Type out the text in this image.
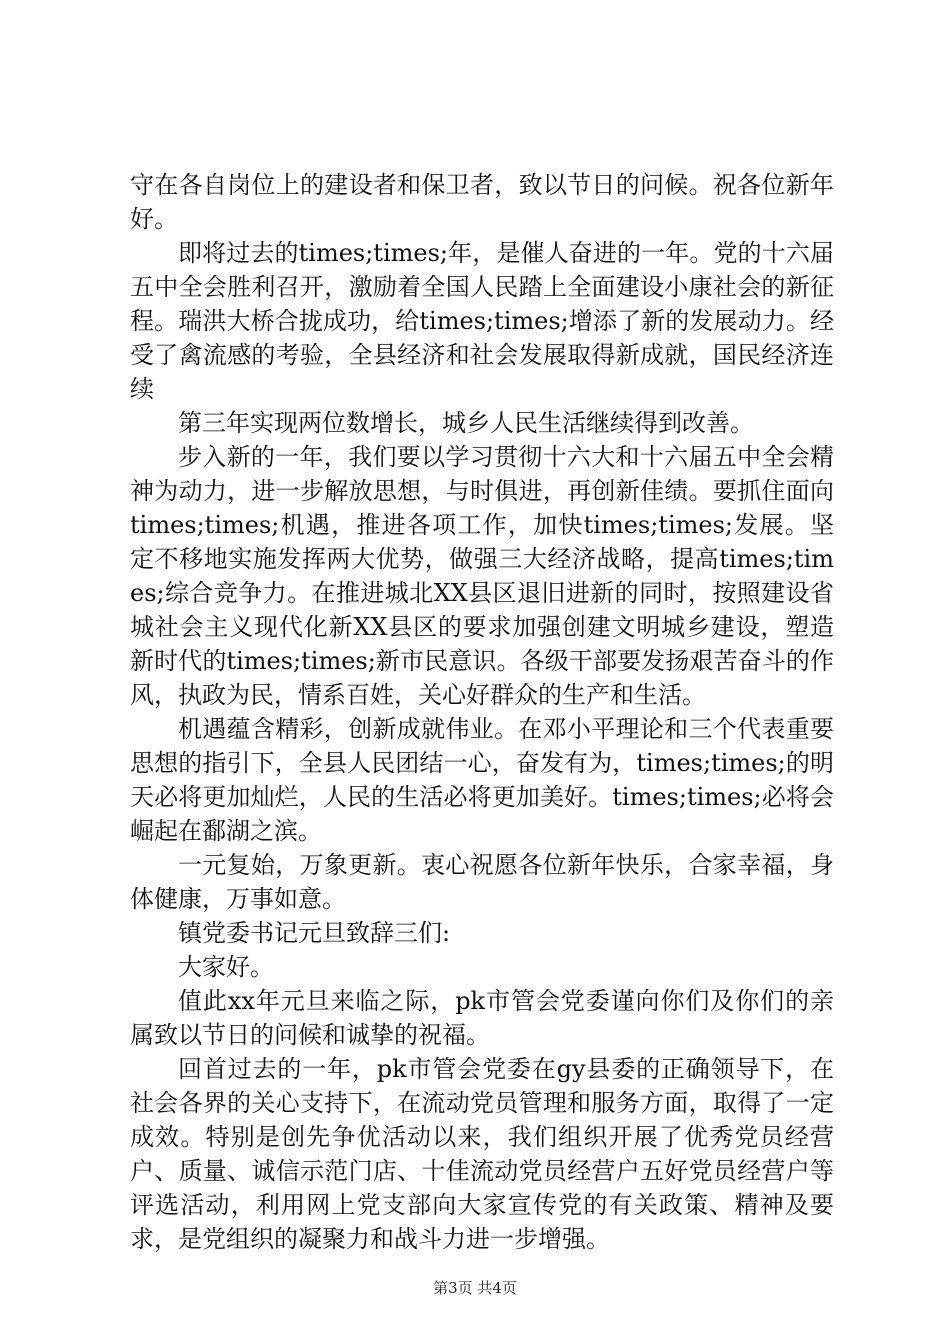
守在各自岗位上的建设者和保卫者，致以节日的问候。祝各位新年好。

即将过去的times;times;年，是催人奋进的一年。党的十六届五中全会胜利召开，激励着全国人民踏上全面建设小康社会的新征程。瑞洪大桥合拢成功，给times;times;增添了新的发展动力。经受了禽流感的考验，全县经济和社会发展取得新成就，国民经济连续

第三年实现两位数增长，城乡人民生活继续得到改善。

步入新的一年，我们要以学习贯彻十六大和十六届五中全会精神为动力，进一步解放思想，与时俱进，再创新佳绩。要抓住面向times;times;机遇，推进各项工作，加快times;times;发展。坚定不移地实施发挥两大优势，做强三大经济战略，提高times;times;综合竞争力。在推进城北XX县区退旧进新的同时，按照建设省城社会主义现代化新XX县区的要求加强创建文明城乡建设，塑造新时代的times;times;新市民意识。各级干部要发扬艰苦奋斗的作风，执政为民，情系百姓，关心好群众的生产和生活。

机遇蕴含精彩，创新成就伟业。在邓小平理论和三个代表重要思想的指引下，全县人民团结一心，奋发有为，times;times;的明天必将更加灿烂，人民的生活必将更加美好。times;times;必将会崛起在鄱湖之滨。

一元复始，万象更新。衷心祝愿各位新年快乐，合家幸福，身体健康，万事如意。

镇党委书记元旦致辞三们:

大家好。

值此xx年元旦来临之际，pk市管会党委谨向你们及你们的亲属致以节日的问候和诚挚的祝福。

回首过去的一年，pk市管会党委在gy县委的正确领导下，在社会各界的关心支持下，在流动党员管理和服务方面，取得了一定成效。特别是创先争优活动以来，我们组织开展了优秀党员经营户、质量、诚信示范门店、十佳流动党员经营户五好党员经营户等评选活动，利用网上党支部向大家宣传党的有关政策、精神及要求，是党组织的凝聚力和战斗力进一步增强。

第3页 共4页
